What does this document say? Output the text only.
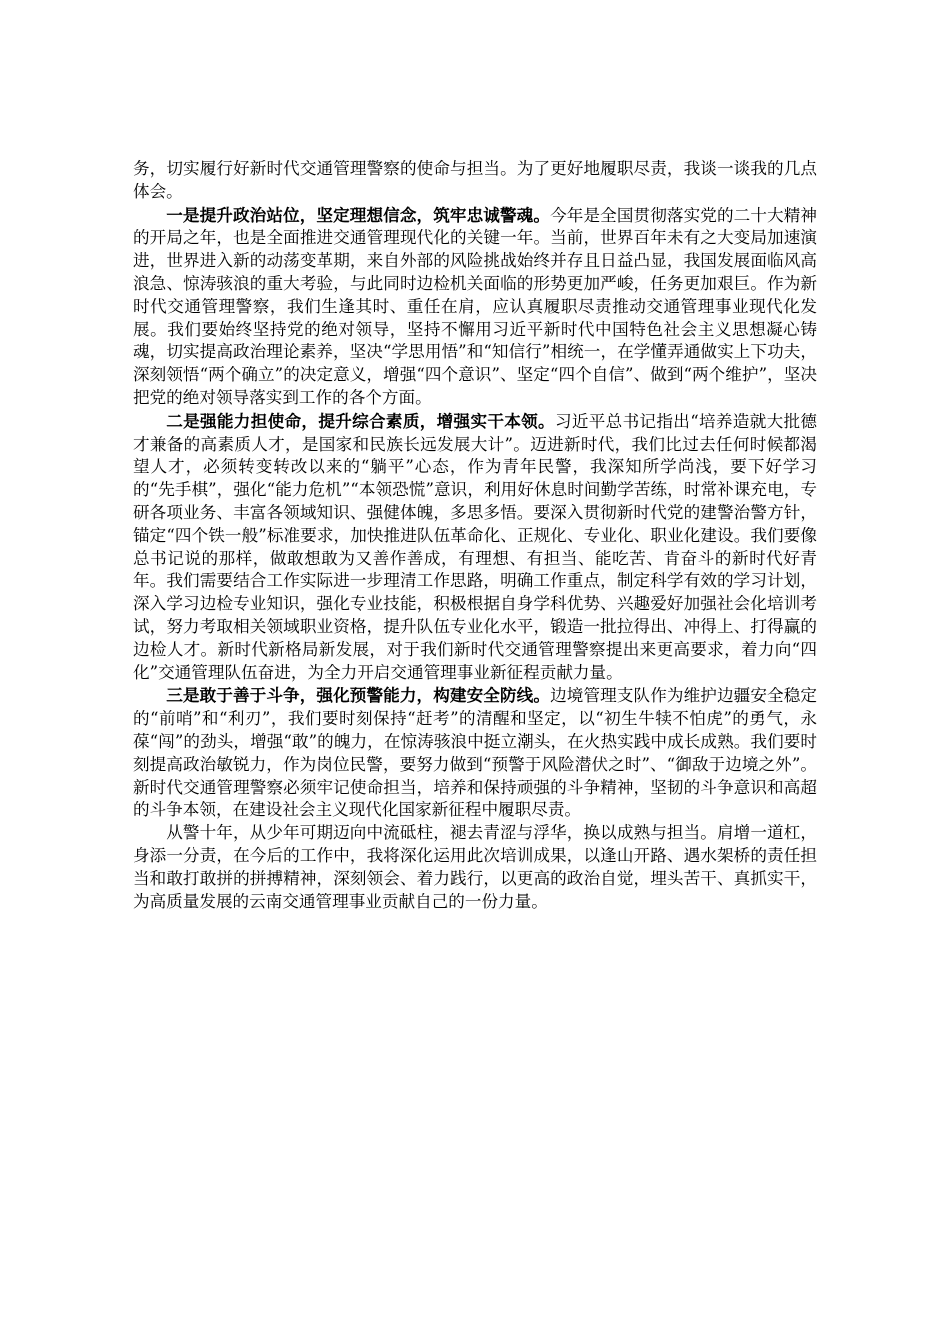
务，切实履行好新时代交通管理警察的使命与担当。为了更好地履职尽责，我谈一谈我的几点体会。

一是提升政治站位，坚定理想信念，筑牢忠诚警魂。今年是全国贯彻落实党的二十大精神的开局之年，也是全面推进交通管理现代化的关键一年。当前，世界百年未有之大变局加速演进，世界进入新的动荡变革期，来自外部的风险挑战始终并存且日益凸显，我国发展面临风高浪急、惊涛骇浪的重大考验，与此同时边检机关面临的形势更加严峻，任务更加艰巨。作为新时代交通管理警察，我们生逢其时、重任在肩，应认真履职尽责推动交通管理事业现代化发展。我们要始终坚持党的绝对领导，坚持不懈用习近平新时代中国特色社会主义思想凝心铸魂，切实提高政治理论素养，坚决“学思用悟”和“知信行”相统一，在学懂弄通做实上下功夫，深刻领悟“两个确立”的决定意义，增强“四个意识”、坚定“四个自信”、做到“两个维护”，坚决把党的绝对领导落实到工作的各个方面。

二是强能力担使命，提升综合素质，增强实干本领。习近平总书记指出“培养造就大批德才兼备的高素质人才，是国家和民族长远发展大计”。迈进新时代，我们比过去任何时候都渴望人才，必须转变转改以来的“躺平”心态，作为青年民警，我深知所学尚浅，要下好学习的“先手棋”，强化“能力危机”“本领恐慌”意识，利用好休息时间勤学苦练，时常补课充电，专研各项业务、丰富各领域知识、强健体魄，多思多悟。要深入贯彻新时代党的建警治警方针，锚定“四个铁一般”标准要求，加快推进队伍革命化、正规化、专业化、职业化建设。我们要像总书记说的那样，做敢想敢为又善作善成，有理想、有担当、能吃苦、肯奋斗的新时代好青年。我们需要结合工作实际进一步理清工作思路，明确工作重点，制定科学有效的学习计划，深入学习边检专业知识，强化专业技能，积极根据自身学科优势、兴趣爱好加强社会化培训考试，努力考取相关领域职业资格，提升队伍专业化水平，锻造一批拉得出、冲得上、打得赢的边检人才。新时代新格局新发展，对于我们新时代交通管理警察提出来更高要求，着力向“四化”交通管理队伍奋进，为全力开启交通管理事业新征程贡献力量。

三是敢于善于斗争，强化预警能力，构建安全防线。边境管理支队作为维护边疆安全稳定的“前哨”和“利刃”，我们要时刻保持“赶考”的清醒和坚定，以“初生牛犊不怕虎”的勇气，永葆“闯”的劲头，增强“敢”的魄力，在惊涛骇浪中挺立潮头，在火热实践中成长成熟。我们要时刻提高政治敏锐力，作为岗位民警，要努力做到“预警于风险潜伏之时”、“御敌于边境之外”。新时代交通管理警察必须牢记使命担当，培养和保持顽强的斗争精神，坚韧的斗争意识和高超的斗争本领，在建设社会主义现代化国家新征程中履职尽责。

从警十年，从少年可期迈向中流砥柱，褪去青涩与浮华，换以成熟与担当。肩增一道杠，身添一分责，在今后的工作中，我将深化运用此次培训成果，以逢山开路、遇水架桥的责任担当和敢打敢拼的拼搏精神，深刻领会、着力践行，以更高的政治自觉，埋头苦干、真抓实干，为高质量发展的云南交通管理事业贡献自己的一份力量。
